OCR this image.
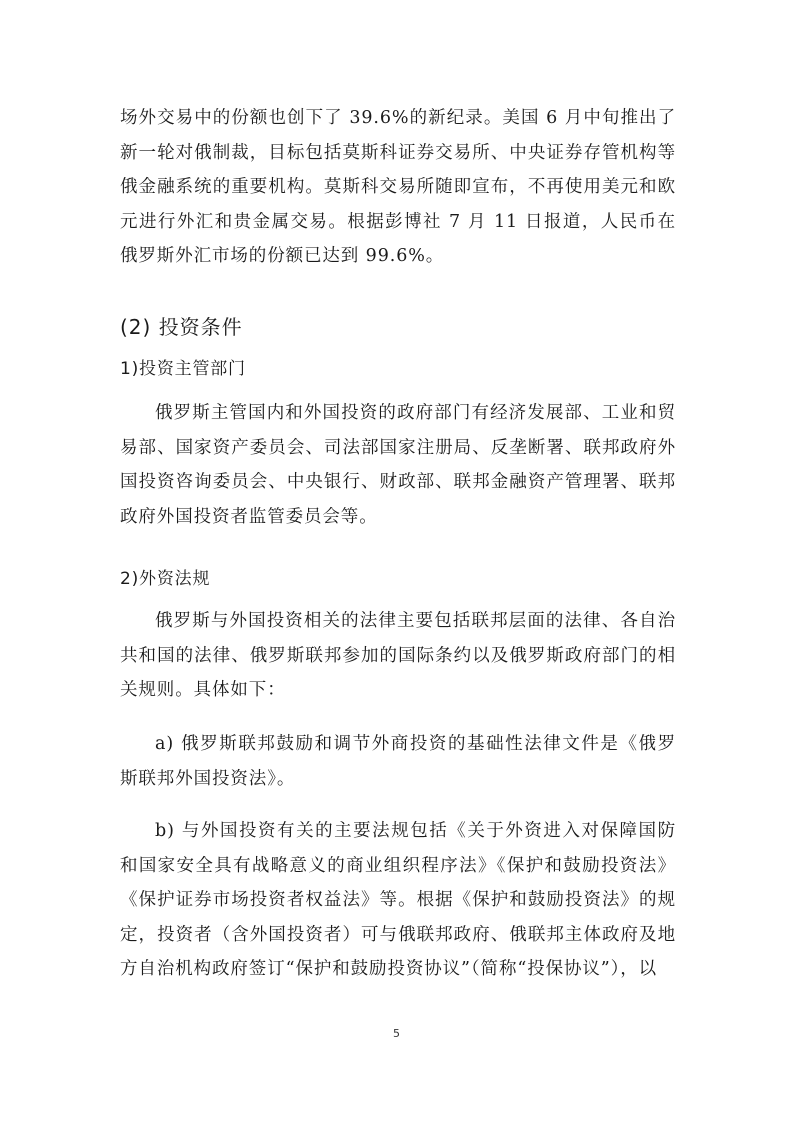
场外交易中的份额也创下了 39.6%的新纪录。美国 6 月中旬推出了新一轮对俄制裁，目标包括莫斯科证券交易所、中央证券存管机构等俄金融系统的重要机构。莫斯科交易所随即宣布，不再使用美元和欧元进行外汇和贵金属交易。根据彭博社 7 月 11 日报道，人民币在俄罗斯外汇市场的份额已达到 99.6%。
(2) 投资条件
1)投资主管部门
俄罗斯主管国内和外国投资的政府部门有经济发展部、工业和贸易部、国家资产委员会、司法部国家注册局、反垄断署、联邦政府外国投资咨询委员会、中央银行、财政部、联邦金融资产管理署、联邦政府外国投资者监管委员会等。
2)外资法规
俄罗斯与外国投资相关的法律主要包括联邦层面的法律、各自治共和国的法律、俄罗斯联邦参加的国际条约以及俄罗斯政府部门的相关规则。具体如下：
a) 俄罗斯联邦鼓励和调节外商投资的基础性法律文件是《俄罗斯联邦外国投资法》。
b) 与外国投资有关的主要法规包括《关于外资进入对保障国防和国家安全具有战略意义的商业组织程序法》《保护和鼓励投资法》《保护证券市场投资者权益法》等。根据《保护和鼓励投资法》的规定，投资者（含外国投资者）可与俄联邦政府、俄联邦主体政府及地方自治机构政府签订“保护和鼓励投资协议”（简称“投保协议”），以
5
